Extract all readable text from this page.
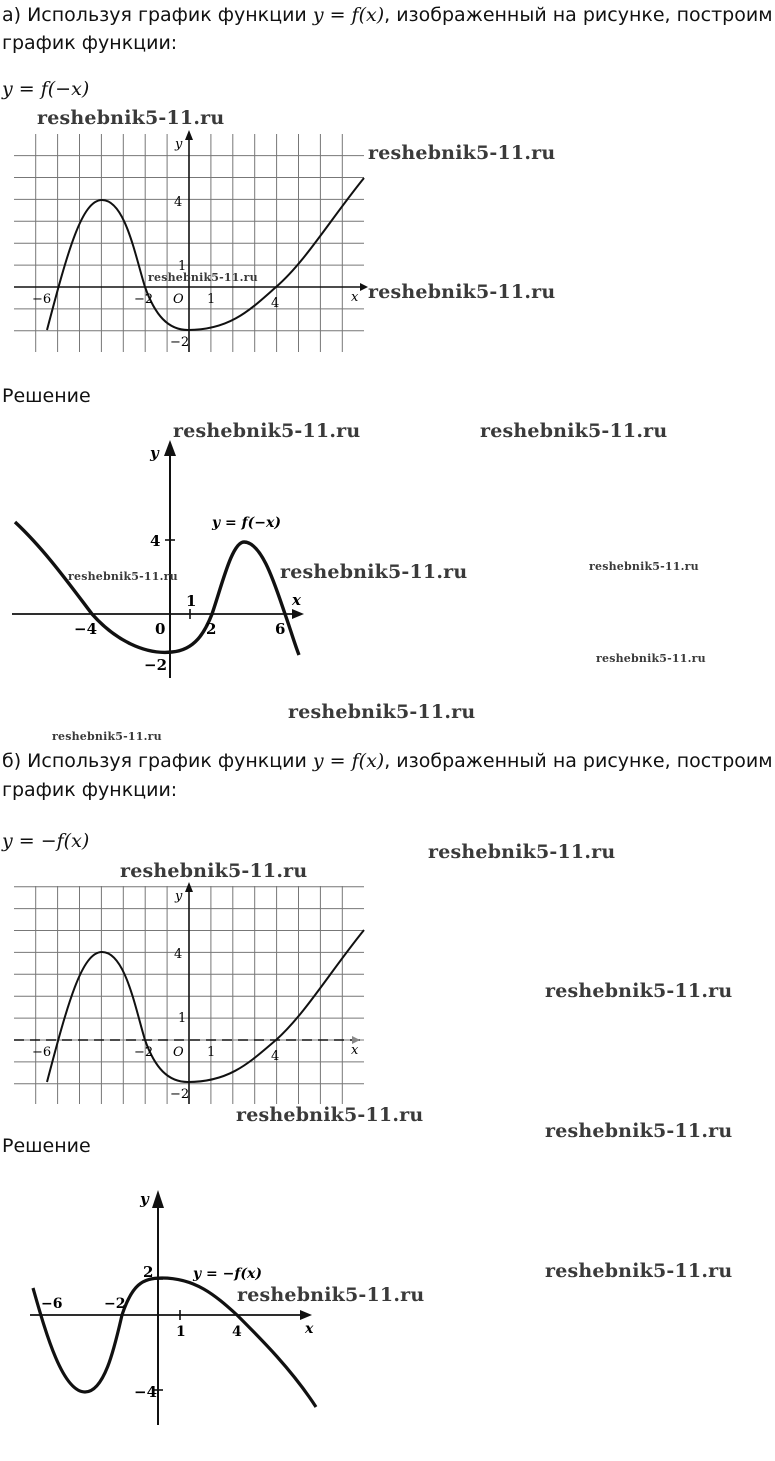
а) Используя график функции y = f(x), изображенный на рисунке, построим
график функции:
y = f(−x)
−6	−2	1	4
4
1
−2
O	x
y
Решение
−4	0
1
2	6
4
−2
x
y
y = f(−x)
б) Используя график функции y = f(x), изображенный на рисунке, построим
график функции:
y = −f(x)
−6	−2	1	4
4
1
−2
O	x
y
Решение
−6	−2
1	4
2
−4
x
y
y = −f(x)
reshebnik5-11.ru
reshebnik5-11.ru
reshebnik5-11.ru
reshebnik5-11.ru
reshebnik5-11.ru	reshebnik5-11.ru
reshebnik5-11.ru
reshebnik5-11.ru
reshebnik5-11.ru
reshebnik5-11.ru
reshebnik5-11.ru
reshebnik5-11.ru
reshebnik5-11.ru
reshebnik5-11.ru
reshebnik5-11.ru
reshebnik5-11.ru
reshebnik5-11.ru
reshebnik5-11.ru
reshebnik5-11.ru
